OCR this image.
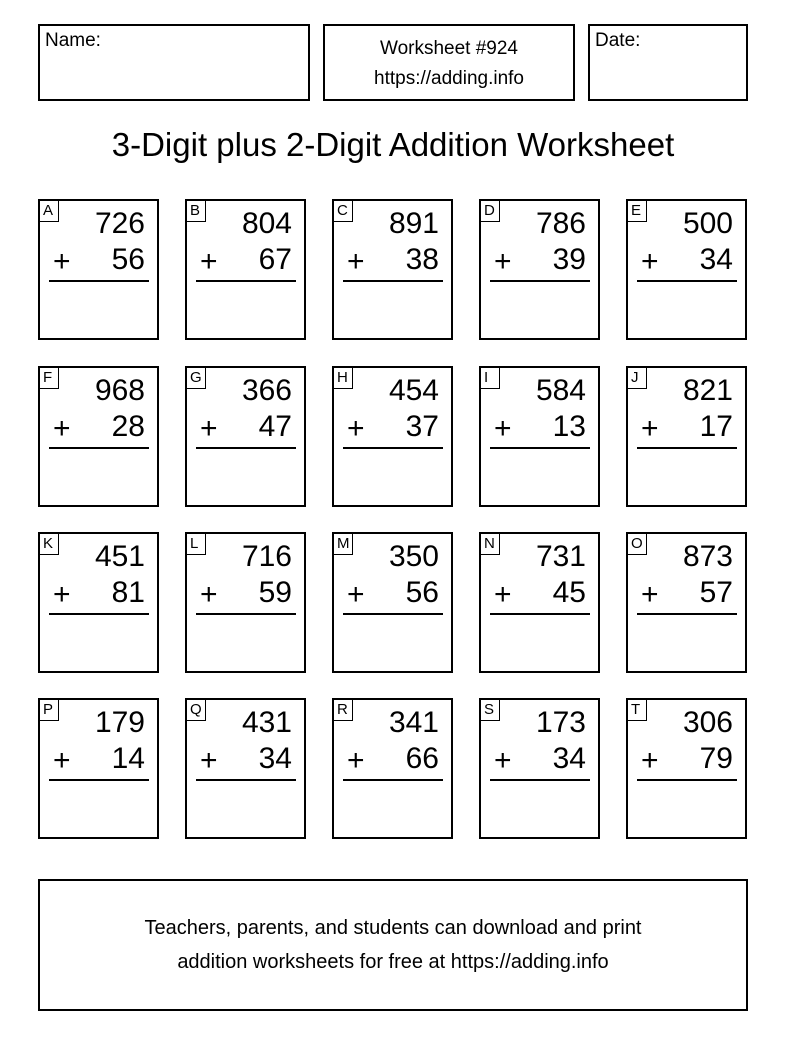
Name:	Worksheet #924
https://adding.info
Date:
3-Digit plus 2-Digit Addition Worksheet
A 726
+ 56
B 804
+ 67
C 891
+ 38
D 786
+ 39
E 500
+ 34
F 968
+ 28
G 366
+ 47
H 454
+ 37
I	584
+ 13
J 821
+ 17
K 451
+ 81
L 716
+ 59
M 350
+ 56
N 731
+ 45
O 873
+ 57
P 179
+ 14
Q 431
+ 34
R 341
+ 66
S 173
+ 34
T 306
+ 79
Teachers, parents, and students can download and print
addition worksheets for free at https://adding.info
